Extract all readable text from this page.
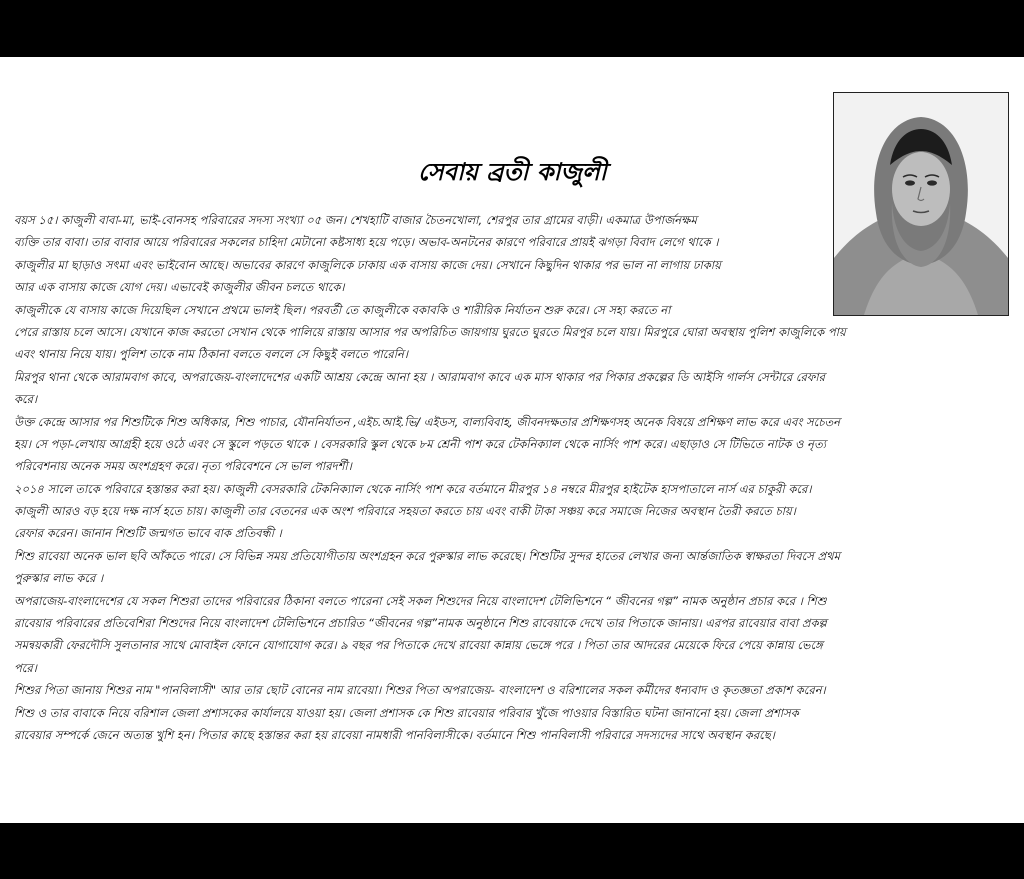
সেবায় ব্রতী কাজুলী
বয়স ১৫। কাজুলী বাবা-মা, ভাই-বোনসহ পরিবারের সদস্য সংখ্যা ০৫ জন। শেখহাটি বাজার চৈতনখোলা, শেরপুর তার গ্রামের বাড়ী। একমাত্র উপার্জনক্ষম
ব্যক্তি তার বাবা। তার বাবার আয়ে পরিবারের সকলের চাহিদা মেটানো কষ্টসাধ্য হয়ে পড়ে। অভাব-অনটনের কারণে পরিবারে প্রায়ই ঝগড়া বিবাদ লেগে থাকে ।
কাজুলীর মা ছাড়াও সৎমা এবং ভাইবোন আছে। অভাবের কারণে কাজুলিকে ঢাকায় এক বাসায় কাজে দেয়। সেখানে কিছুদিন থাকার পর ভাল না লাগায় ঢাকায়
আর এক বাসায় কাজে যোগ দেয়। এভাবেই কাজুলীর জীবন চলতে থাকে।
কাজুলীকে যে বাসায় কাজে দিয়েছিল সেখানে প্রথমে ভালই ছিল। পরবর্তী তে কাজুলীকে বকাবকি ও শারীরিক নির্যাতন শুরু করে। সে সহ্য করতে না
পেরে রাস্তায় চলে আসে। যেখানে কাজ করতো সেখান থেকে পালিয়ে রাস্তায় আসার পর অপরিচিত জায়গায় ঘুরতে ঘুরতে মিরপুর চলে যায়। মিরপুরে ঘোরা অবস্থায় পুলিশ কাজুলিকে পায়
এবং থানায় নিয়ে যায়। পুলিশ তাকে নাম ঠিকানা বলতে বললে সে কিছুই বলতে পারেনি।
মিরপুর থানা থেকে আরামবাগ কাবে, অপরাজেয়-বাংলাদেশের একটি আশ্রয় কেন্দ্রে আনা হয় । আরামবাগ কাবে এক মাস থাকার পর পিকার প্রকল্পের ডি আইসি গার্লস সেন্টারে রেফার
করে।
উক্ত কেন্দ্রে আসার পর শিশুটিকে শিশু অধিকার, শিশু পাচার, যৌননির্যাতন ,এইচ.আই.ভি/ এইডস, বাল্যবিবাহ, জীবনদক্ষতার প্রশিক্ষণসহ অনেক বিষয়ে প্রশিক্ষণ লাভ করে এবং সচেতন
হয়। সে পড়া-লেখায় আগ্রহী হয়ে ওঠে এবং সে স্কুলে পড়তে থাকে । বেসরকারি স্কুল থেকে ৮ম শ্রেনী পাশ করে টেকনিক্যাল থেকে নার্সিং পাশ করে। এছাড়াও সে টিভিতে নাটক ও নৃত্য
পরিবেশনায় অনেক সময় অংশগ্রহণ করে। নৃত্য পরিবেশনে সে ভাল পারদর্শী।
২০১৪ সালে তাকে পরিবারে হস্তান্তর করা হয়। কাজুলী বেসরকারি টেকনিক্যাল থেকে নার্সিং পাশ করে বর্তমানে মীরপুর ১৪ নম্বরে মীরপুর হাইটেক হাসপাতালে নার্স এর চাকুরী করে।
কাজুলী আরও বড় হয়ে দক্ষ নার্স হতে চায়। কাজুলী তার বেতনের এক অংশ পরিবারে সহয়তা করতে চায় এবং বাকী টাকা সঞ্চয় করে সমাজে নিজের অবস্থান তৈরী করতে চায়।
রেফার করেন। জানান শিশুটি জন্মগত ভাবে বাক প্রতিবন্ধী ।
শিশু রাবেয়া অনেক ভাল ছবি আঁকতে পারে। সে বিভিন্ন সময় প্রতিযোগীতায় অংশগ্রহন করে পুরুস্কার লাভ করেছে। শিশুটির সুন্দর হাতের লেখার জন্য আর্ন্তজাতিক স্বাক্ষরতা দিবসে প্রথম
পুরুস্কার লাভ করে ।
অপরাজেয়-বাংলাদেশের যে সকল শিশুরা তাদের পরিবারের ঠিকানা বলতে পারেনা সেই সকল শিশুদের নিয়ে বাংলাদেশ টেলিভিশনে “ জীবনের গল্প” নামক অনুষ্ঠান প্রচার করে । শিশু
রাবেয়ার পরিবারের প্রতিবেশিরা শিশুদের নিয়ে বাংলাদেশ টেলিভিশনে প্রচারিত “জীবনের গল্প”নামক অনুষ্ঠানে শিশু রাবেয়াকে দেখে তার পিতাকে জানায়। এরপর রাবেয়ার বাবা প্রকল্প
সমন্বয়কারী ফেরদৌসি সুলতানার সাথে মোবাইল ফোনে যোগাযোগ করে। ৯ বছর পর পিতাকে দেখে রাবেয়া কান্নায় ভেঙ্গে পরে । পিতা তার আদরের মেয়েকে ফিরে পেয়ে কান্নায় ভেঙ্গে
পরে।
শিশুর পিতা জানায় শিশুর নাম "পানবিলাসী" আর তার ছোট বোনের নাম রাবেয়া। শিশুর পিতা অপরাজেয়- বাংলাদেশ ও বরিশালের সকল কর্মীদের ধন্যবাদ ও কৃতজ্ঞতা প্রকাশ করেন।
শিশু ও তার বাবাকে নিয়ে বরিশাল জেলা প্রশাসকের কার্যালয়ে যাওয়া হয়। জেলা প্রশাসক কে শিশু রাবেয়ার পরিবার খুঁজে পাওয়ার বিস্তারিত ঘটনা জানানো হয়। জেলা প্রশাসক
রাবেয়ার সম্পর্কে জেনে অত্যন্ত খুশি হন। পিতার কাছে হস্তান্তর করা হয় রাবেয়া নামধারী পানবিলাসীকে। বর্তমানে শিশু পানবিলাসী পরিবারে সদস্যদের সাথে অবস্থান করছে।
